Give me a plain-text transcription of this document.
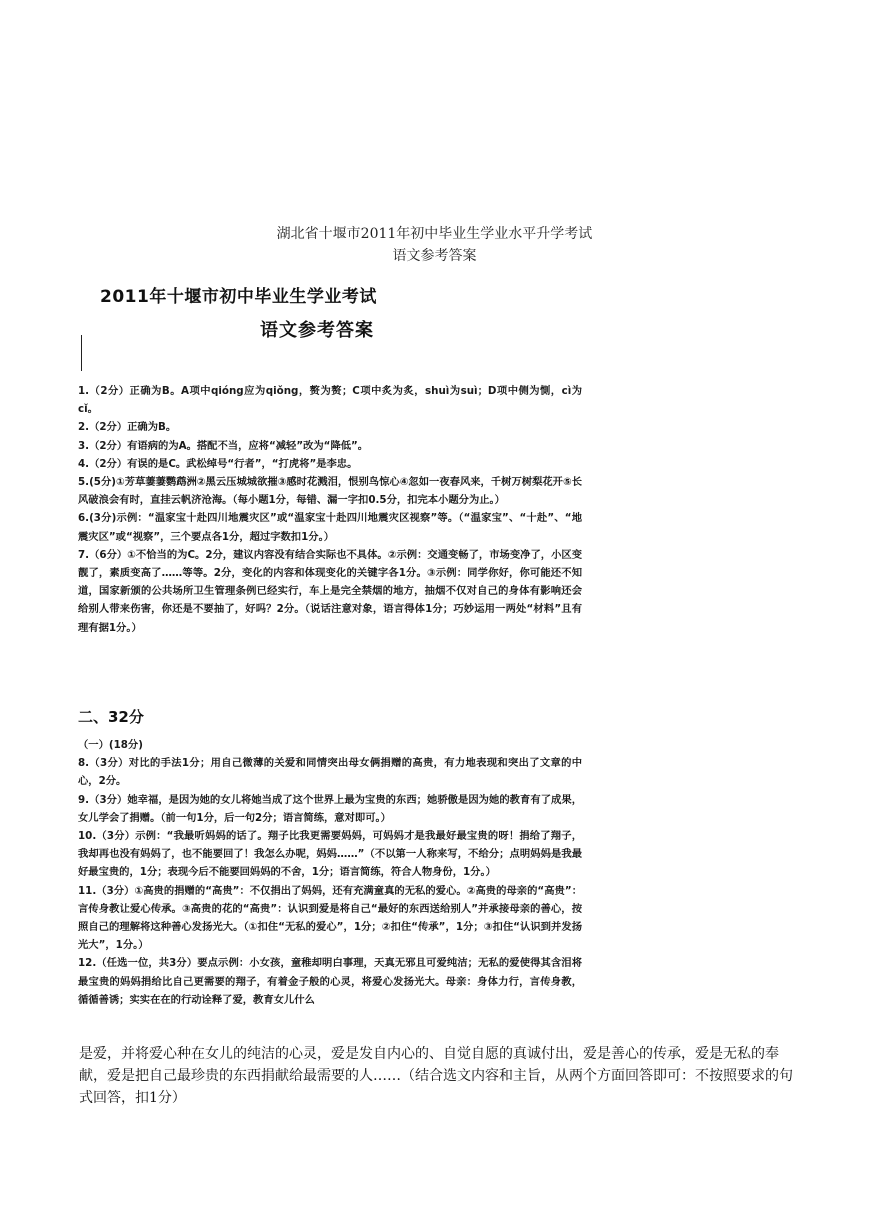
湖北省十堰市2011年初中毕业生学业水平升学考试
语文参考答案
2011年十堰市初中毕业生学业考试
语文参考答案

1.（2分）正确为B。A项中qióng应为qiǒng，赘为赘；C项中炙为炙，shuì为suì；D项中侧为惻，cì为cǐ。

2.（2分）正确为B。

3.（2分）有语病的为A。搭配不当，应将“减轻”改为“降低”。

4.（2分）有误的是C。武松绰号“行者”，“打虎将”是李忠。

5.(5分)①芳草萋萋鹦鹉洲②黑云压城城欲摧③感时花溅泪，恨别鸟惊心④忽如一夜春风来，千树万树梨花开⑤长风破浪会有时，直挂云帆济沧海。（每小题1分，每错、漏一字扣0.5分，扣完本小题分为止。）

6.(3分)示例：“温家宝十赴四川地震灾区”或“温家宝十赴四川地震灾区视察”等。（“温家宝”、“十赴”、“地震灾区”或“视察”，三个要点各1分，超过字数扣1分。）

7.（6分）①不恰当的为C。2分，建议内容没有结合实际也不具体。②示例：交通变畅了，市场变净了，小区变靓了，素质变高了……等等。2分，变化的内容和体现变化的关键字各1分。③示例：同学你好，你可能还不知道，国家新颁的公共场所卫生管理条例已经实行，车上是完全禁烟的地方，抽烟不仅对自己的身体有影响还会给别人带来伤害，你还是不要抽了，好吗？2分。（说话注意对象，语言得体1分；巧妙运用一两处“材料”且有理有据1分。）

二、32分

（一）(18分)

8.（3分）对比的手法1分；用自己微薄的关爱和同情突出母女俩捐赠的高贵，有力地表现和突出了文章的中心，2分。

9.（3分）她幸福，是因为她的女儿将她当成了这个世界上最为宝贵的东西；她骄傲是因为她的教育有了成果，女儿学会了捐赠。（前一句1分，后一句2分；语言简练，意对即可。）

10.（3分）示例：“我最听妈妈的话了。翔子比我更需要妈妈，可妈妈才是我最好最宝贵的呀！捐给了翔子，我却再也没有妈妈了，也不能要回了！我怎么办呢，妈妈……”（不以第一人称来写，不给分；点明妈妈是我最好最宝贵的，1分；表现今后不能要回妈妈的不舍，1分；语言简练，符合人物身份，1分。）

11.（3分）①高贵的捐赠的“高贵”：不仅捐出了妈妈，还有充满童真的无私的爱心。②高贵的母亲的“高贵”：言传身教让爱心传承。③高贵的花的“高贵”：认识到爱是将自己“最好的东西送给别人”并承接母亲的善心，按照自己的理解将这种善心发扬光大。（①扣住“无私的爱心”，1分；②扣住“传承”，1分；③扣住“认识到并发扬光大”，1分。）

12.（任选一位，共3分）要点示例：小女孩，童稚却明白事理，天真无邪且可爱纯洁；无私的爱使得其含泪将最宝贵的妈妈捐给比自己更需要的翔子，有着金子般的心灵，将爱心发扬光大。母亲：身体力行，言传身教，循循善诱；实实在在的行动诠释了爱，教育女儿什么

是爱，并将爱心种在女儿的纯洁的心灵，爱是发自内心的、自觉自愿的真诚付出，爱是善心的传承，爱是无私的奉献，爱是把自己最珍贵的东西捐献给最需要的人……（结合选文内容和主旨，从两个方面回答即可：不按照要求的句式回答，扣1分）
